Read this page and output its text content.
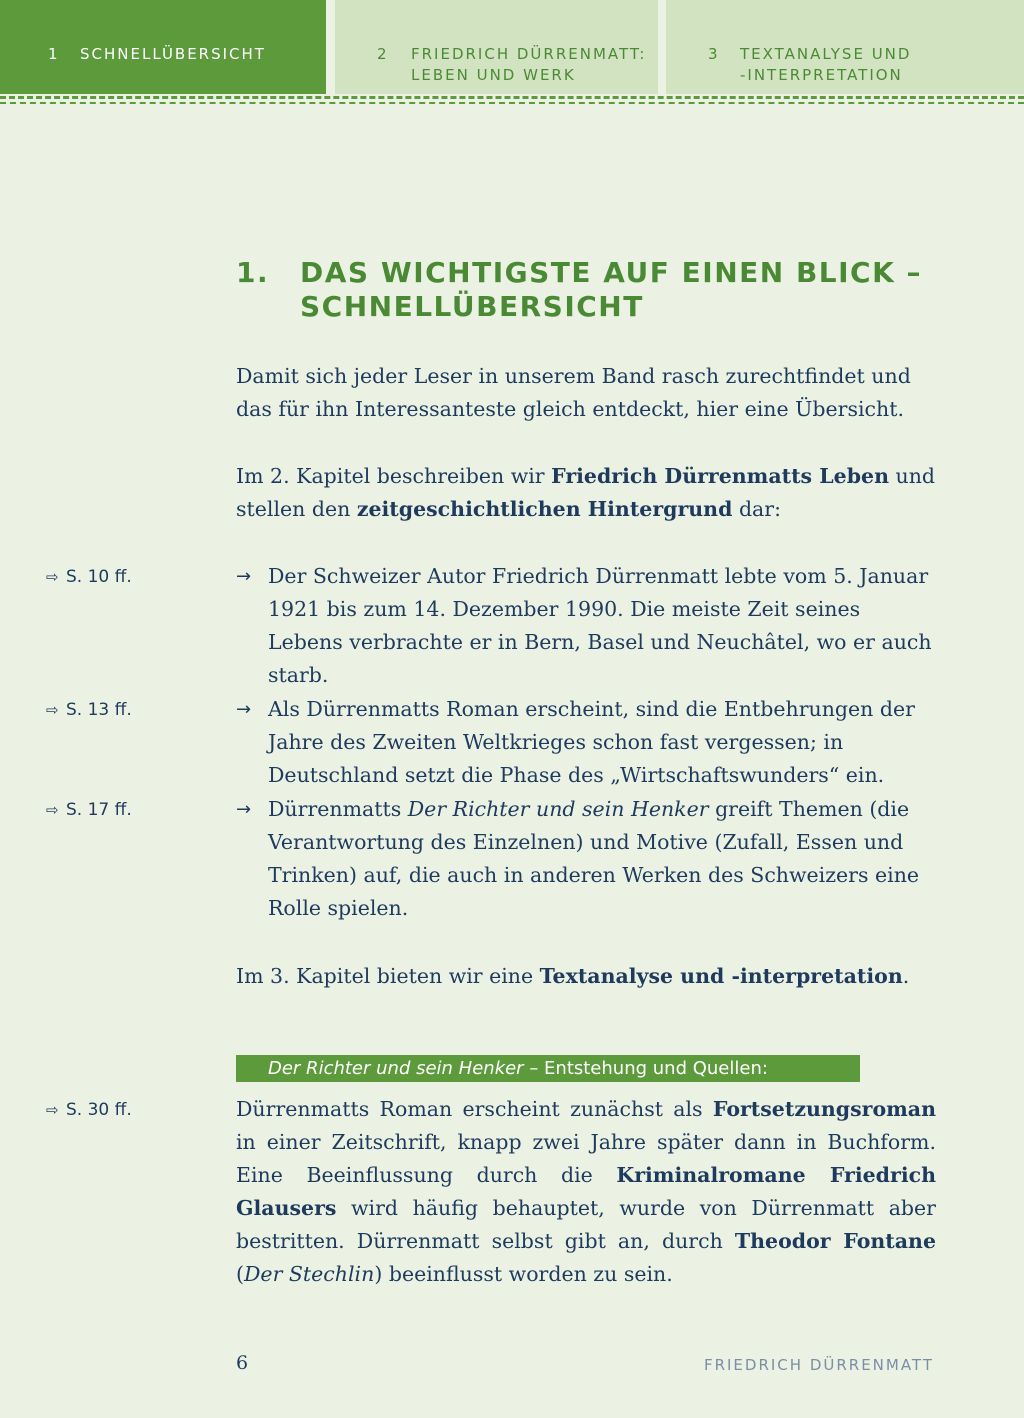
1 SCHNELLÜBERSICHT	2 FRIEDRICH DÜRRENMATT:
LEBEN UND WERK
3 TEXTANALYSE UND
-INTERPRETATION
1. DAS WICHTIGSTE AUF EINEN BLICK – SCHNELLÜBERSICHT
Damit sich jeder Leser in unserem Band rasch zurechtfindet und das für ihn Interessanteste gleich entdeckt, hier eine Übersicht.
Im 2. Kapitel beschreiben wir Friedrich Dürrenmatts Leben und stellen den zeitgeschichtlichen Hintergrund dar:
⇨ S. 10 ff.	→ Der Schweizer Autor Friedrich Dürrenmatt lebte vom 5. Januar 1921 bis zum 14. Dezember 1990. Die meiste Zeit seines Lebens verbrachte er in Bern, Basel und Neuchâtel, wo er auch starb.
⇨ S. 13 ff.	→ Als Dürrenmatts Roman erscheint, sind die Entbehrungen der Jahre des Zweiten Weltkrieges schon fast vergessen; in Deutschland setzt die Phase des „Wirtschaftswunders“ ein.
⇨ S. 17 ff.	→ Dürrenmatts Der Richter und sein Henker greift Themen (die Verantwortung des Einzelnen) und Motive (Zufall, Essen und Trinken) auf, die auch in anderen Werken des Schweizers eine Rolle spielen.
Im 3. Kapitel bieten wir eine Textanalyse und -interpretation.
Der Richter und sein Henker – Entstehung und Quellen:
⇨ S. 30 ff.	Dürrenmatts Roman erscheint zunächst als Fortsetzungsroman in einer Zeitschrift, knapp zwei Jahre später dann in Buchform. Eine Beeinflussung durch die Kriminalromane Friedrich Glausers wird häufig behauptet, wurde von Dürrenmatt aber bestritten. Dürrenmatt selbst gibt an, durch Theodor Fontane (Der Stechlin) beeinflusst worden zu sein.
6	FRIEDRICH DÜRRENMATT
